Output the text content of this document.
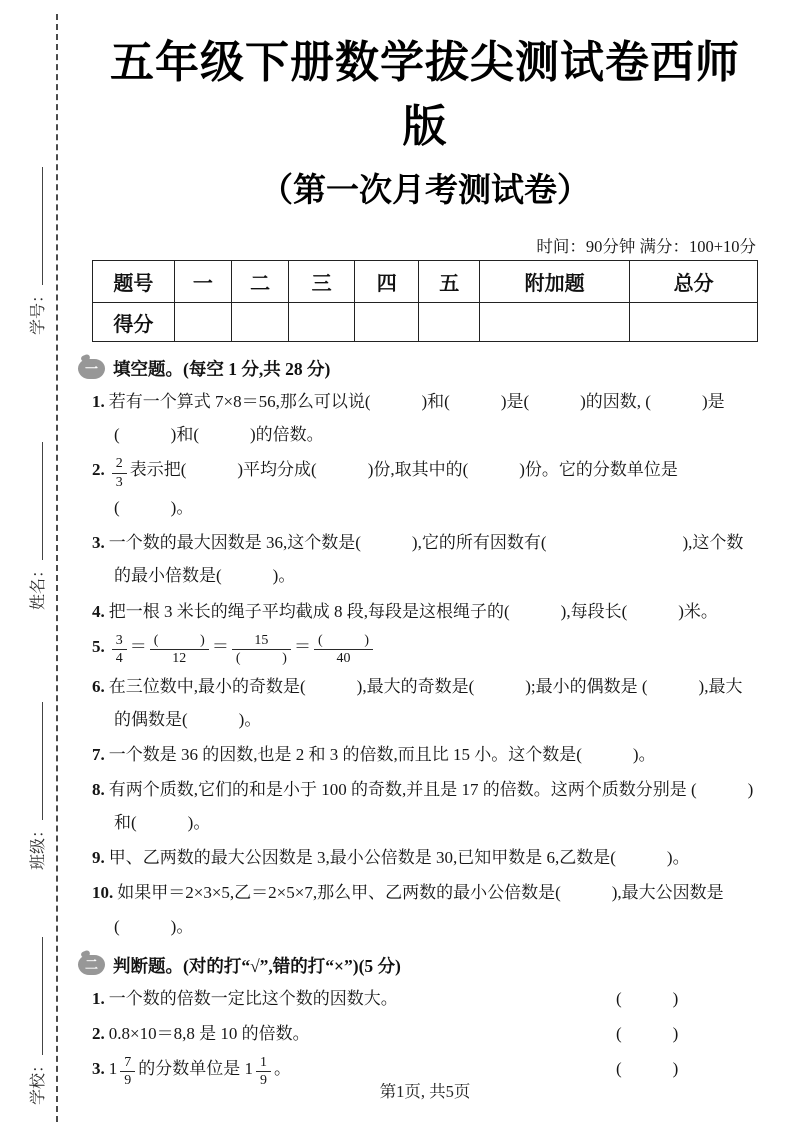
学号：
姓名：
班级：
学校：
五年级下册数学拔尖测试卷西师版
（第一次月考测试卷）
时间：90分钟 满分：100+10分
题号	一	二	三	四	五	附加题	总分
得分							
一 填空题。(每空 1 分,共 28 分)
1. 若有一个算式 7×8＝56,那么可以说(　　　)和(　　　)是(　　　)的因数, (　　　)是(　　　)和(　　　)的倍数。
2. $\frac{2}{3}$ 表示把(　　　)平均分成(　　　)份,取其中的(　　　)份。它的分数单位是 (　　　)。
3. 一个数的最大因数是 36,这个数是(　　　),它的所有因数有(　　　　　　　　),这个数的最小倍数是(　　　)。
4. 把一根 3 米长的绳子平均截成 8 段,每段是这根绳子的(　　　),每段长(　　　)米。
5. $\frac{3}{4} = \frac{( )}{12} = \frac{15}{( )} = \frac{( )}{40}$
6. 在三位数中,最小的奇数是(　　　),最大的奇数是(　　　);最小的偶数是 (　　　),最大的偶数是(　　　)。
7. 一个数是 36 的因数,也是 2 和 3 的倍数,而且比 15 小。这个数是(　　　)。
8. 有两个质数,它们的和是小于 100 的奇数,并且是 17 的倍数。这两个质数分别是 (　　　)和(　　　)。
9. 甲、乙两数的最大公因数是 3,最小公倍数是 30,已知甲数是 6,乙数是(　　　)。
10. 如果甲＝2×3×5,乙＝2×5×7,那么甲、乙两数的最小公倍数是(　　　),最大公因数是(　　　)。
二 判断题。(对的打“√”,错的打“×”)(5 分)
1. 一个数的倍数一定比这个数的因数大。	(　　　)
2. 0.8×10＝8,8 是 10 的倍数。	(　　　)
3. $1 \frac{7}{9}$ 的分数单位是 $1 \frac{1}{9}$ 。	(　　　)
第1页, 共5页
